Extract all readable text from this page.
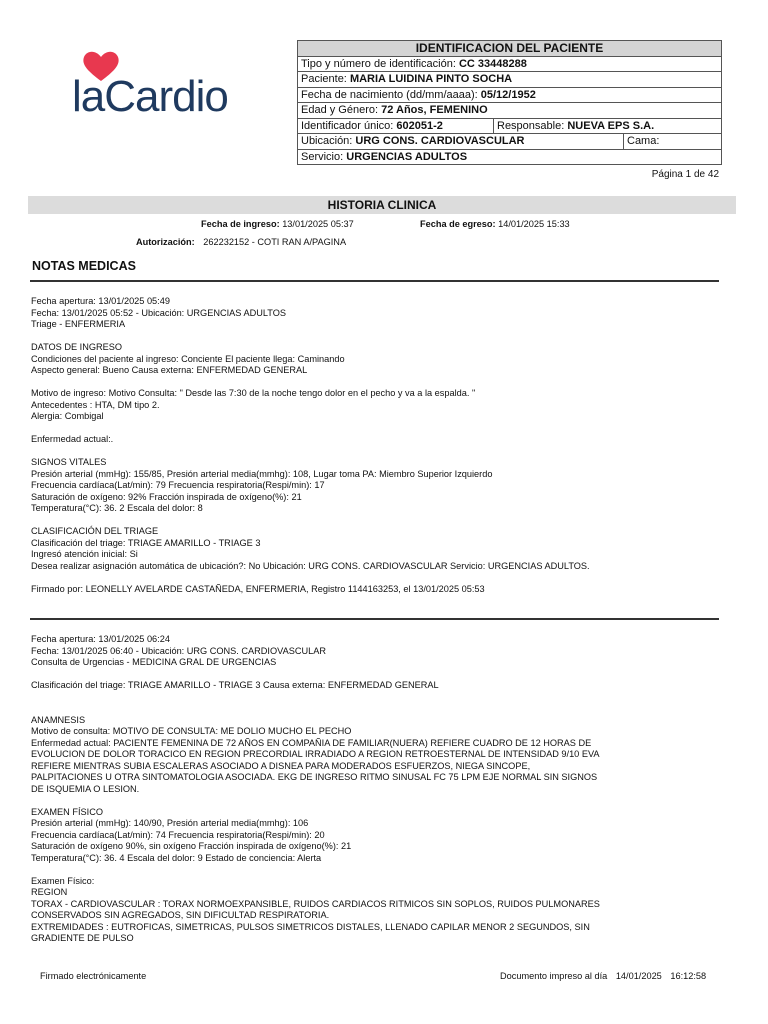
laCardio
IDENTIFICACION DEL PACIENTE		
Tipo y número de identificación: CC 33448288		
Paciente: MARIA LUIDINA PINTO SOCHA		
Fecha de nacimiento (dd/mm/aaaa): 05/12/1952		
Edad y Género: 72 Años, FEMENINO		
Identificador único: 602051-2	Responsable: NUEVA EPS S.A.	
Ubicación: URG CONS. CARDIOVASCULAR		Cama:
Servicio: URGENCIAS ADULTOS		
Página 1 de 42
HISTORIA CLINICA
Fecha de ingreso: 13/01/2025 05:37	Fecha de egreso: 14/01/2025 15:33
Autorización: 262232152 - COTI RAN A/PAGINA
NOTAS MEDICAS

Fecha apertura: 13/01/2025 05:49

Fecha: 13/01/2025 05:52 - Ubicación: URGENCIAS ADULTOS

Triage - ENFERMERIA

DATOS DE INGRESO

Condiciones del paciente al ingreso: Conciente El paciente llega: Caminando

Aspecto general: Bueno Causa externa: ENFERMEDAD GENERAL

Motivo de ingreso: Motivo Consulta: " Desde las 7:30 de la noche tengo dolor en el pecho y va a la espalda. "

Antecedentes : HTA, DM tipo 2.

Alergia: Combigal

Enfermedad actual:.

SIGNOS VITALES

Presión arterial (mmHg): 155/85, Presión arterial media(mmhg): 108, Lugar toma PA: Miembro Superior Izquierdo

Frecuencia cardíaca(Lat/min): 79 Frecuencia respiratoria(Respi/min): 17

Saturación de oxígeno: 92% Fracción inspirada de oxígeno(%): 21

Temperatura(°C): 36. 2 Escala del dolor: 8

CLASIFICACIÓN DEL TRIAGE

Clasificación del triage: TRIAGE AMARILLO - TRIAGE 3

Ingresó atención inicial: Si

Desea realizar asignación automática de ubicación?: No Ubicación: URG CONS. CARDIOVASCULAR Servicio: URGENCIAS ADULTOS.

Firmado por: LEONELLY AVELARDE CASTAÑEDA, ENFERMERIA, Registro 1144163253, el 13/01/2025 05:53

Fecha apertura: 13/01/2025 06:24

Fecha: 13/01/2025 06:40 - Ubicación: URG CONS. CARDIOVASCULAR

Consulta de Urgencias - MEDICINA GRAL DE URGENCIAS

Clasificación del triage: TRIAGE AMARILLO - TRIAGE 3 Causa externa: ENFERMEDAD GENERAL

ANAMNESIS

Motivo de consulta: MOTIVO DE CONSULTA: ME DOLIO MUCHO EL PECHO

Enfermedad actual: PACIENTE FEMENINA DE 72 AÑOS EN COMPAÑIA DE FAMILIAR(NUERA) REFIERE CUADRO DE 12 HORAS DE

EVOLUCION DE DOLOR TORACICO EN REGION PRECORDIAL IRRADIADO A REGION RETROESTERNAL DE INTENSIDAD 9/10 EVA

REFIERE MIENTRAS SUBIA ESCALERAS ASOCIADO A DISNEA PARA MODERADOS ESFUERZOS, NIEGA SINCOPE,

PALPITACIONES U OTRA SINTOMATOLOGIA ASOCIADA. EKG DE INGRESO RITMO SINUSAL FC 75 LPM EJE NORMAL SIN SIGNOS

DE ISQUEMIA O LESION.

EXAMEN FÍSICO

Presión arterial (mmHg): 140/90, Presión arterial media(mmhg): 106

Frecuencia cardíaca(Lat/min): 74 Frecuencia respiratoria(Respi/min): 20

Saturación de oxígeno 90%, sin oxígeno Fracción inspirada de oxígeno(%): 21

Temperatura(°C): 36. 4 Escala del dolor: 9 Estado de conciencia: Alerta

Examen Físico:

REGION

TORAX - CARDIOVASCULAR : TORAX NORMOEXPANSIBLE, RUIDOS CARDIACOS RITMICOS SIN SOPLOS, RUIDOS PULMONARES

CONSERVADOS SIN AGREGADOS, SIN DIFICULTAD RESPIRATORIA.

EXTREMIDADES : EUTROFICAS, SIMETRICAS, PULSOS SIMETRICOS DISTALES, LLENADO CAPILAR MENOR 2 SEGUNDOS, SIN

GRADIENTE DE PULSO

Firmado electrónicamente	Documento impreso al día 14/01/2025 16:12:58
